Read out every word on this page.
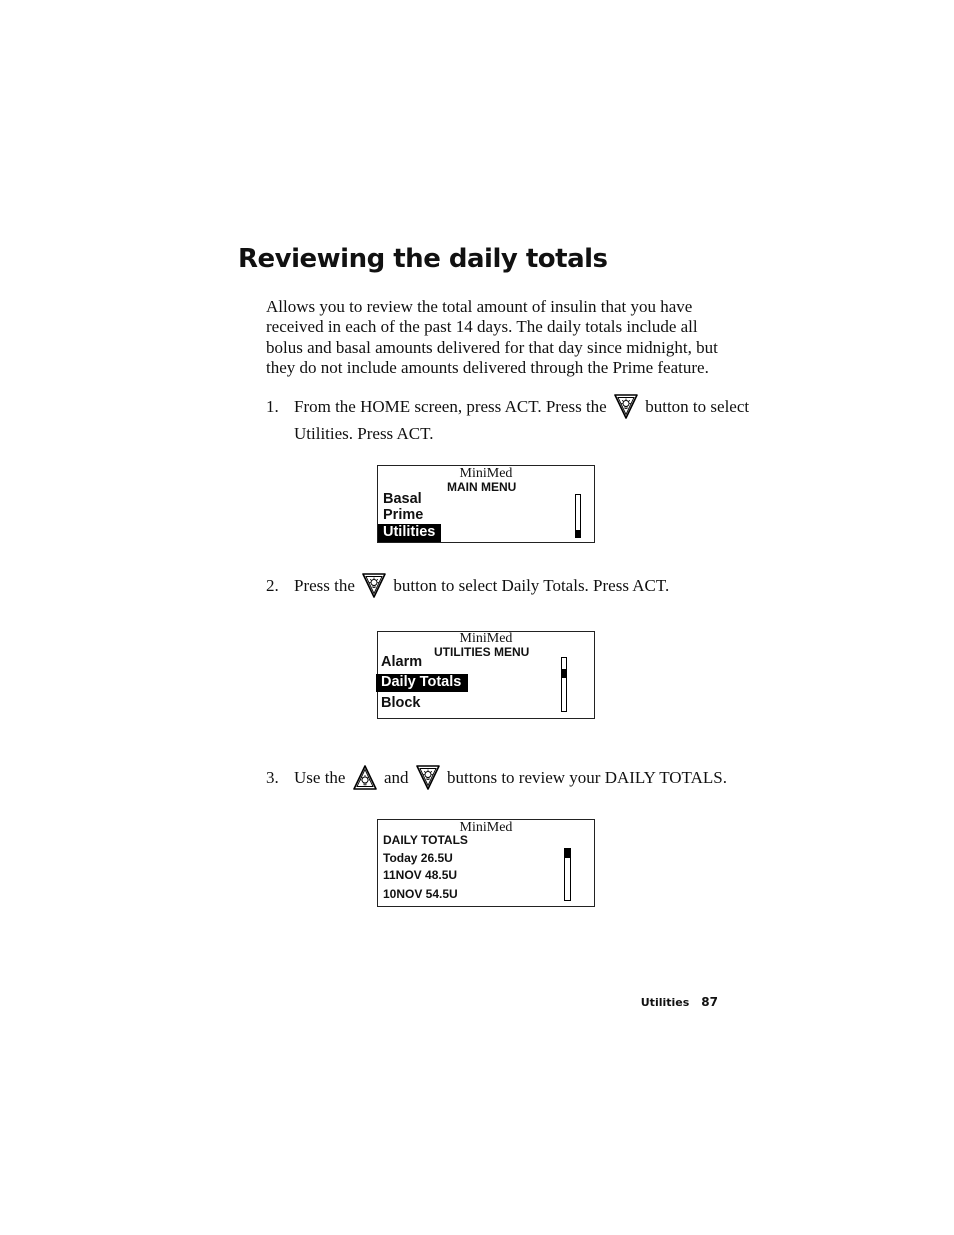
Reviewing the daily totals

Allows you to review the total amount of insulin that you have received in each of the past 14 days. The daily totals include all bolus and basal amounts delivered for that day since midnight, but they do not include amounts delivered through the Prime feature.

1. From the HOME screen, press ACT. Press the button to select Utilities. Press ACT.
MiniMed
MAIN MENU
Basal
Prime
Utilities
2. Press the button to select Daily Totals. Press ACT.
MiniMed
UTILITIES MENU
Alarm
Daily Totals
Block
3. Use the and buttons to review your DAILY TOTALS.
MiniMed
DAILY TOTALS
Today 26.5U
11NOV 48.5U
10NOV 54.5U
Utilities 87
